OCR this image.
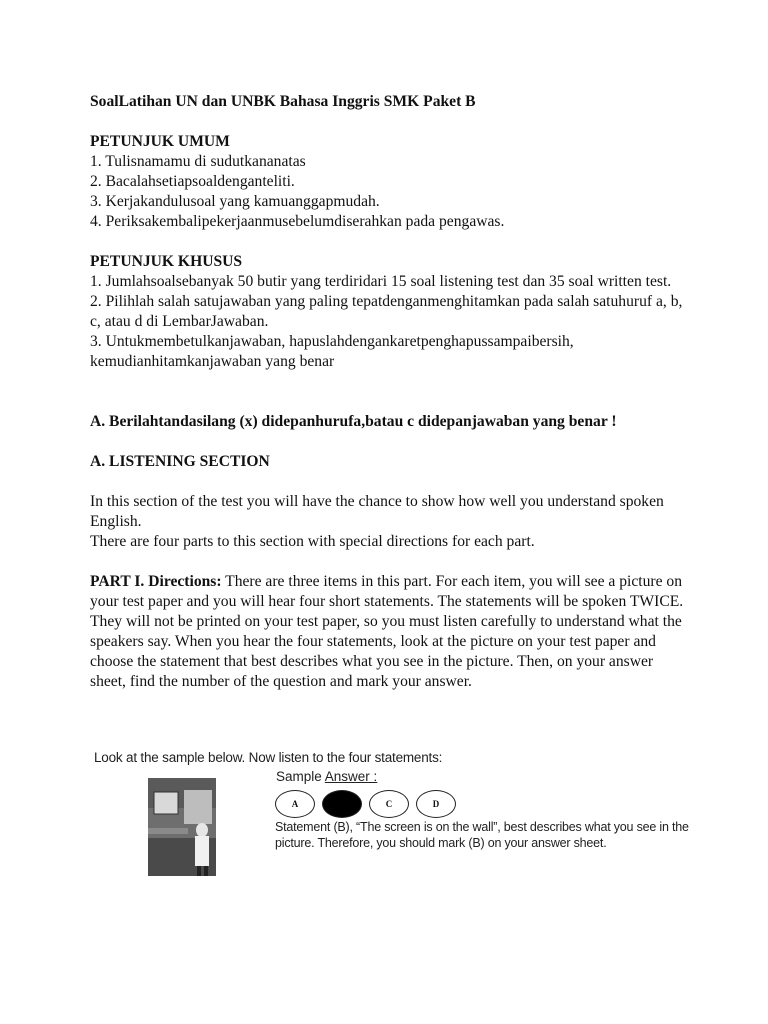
SoalLatihan UN dan UNBK Bahasa Inggris SMK Paket B

PETUNJUK UMUM

1. Tulisnamamu di sudutkananatas

2. Bacalahsetiapsoaldenganteliti.

3. Kerjakandulusoal yang kamuanggapmudah.

4. Periksakembalipekerjaanmusebelumdiserahkan pada pengawas.

PETUNJUK KHUSUS

1. Jumlahsoalsebanyak 50 butir yang terdiridari 15 soal listening test dan 35 soal written test.

2. Pilihlah salah satujawaban yang paling tepatdenganmenghitamkan pada salah satuhuruf a, b, c, atau d di LembarJawaban.

3. Untukmembetulkanjawaban, hapuslahdengankaretpenghapussampaibersih, kemudianhitamkanjawaban yang benar

A. Berilahtandasilang (x) didepanhurufa,batau c didepanjawaban yang benar !

A. LISTENING SECTION

In this section of the test you will have the chance to show how well you understand spoken English.

There are four parts to this section with special directions for each part.

PART I. Directions: There are three items in this part. For each item, you will see a picture on your test paper and you will hear four short statements. The statements will be spoken TWICE. They will not be printed on your test paper, so you must listen carefully to understand what the speakers say. When you hear the four statements, look at the picture on your test paper and choose the statement that best describes what you see in the picture. Then, on your answer sheet, find the number of the question and mark your answer.

Look at the sample below. Now listen to the four statements:
Sample Answer :
A	C	D
Statement (B), “The screen is on the wall”, best describes what you see in the picture. Therefore, you should mark (B) on your answer sheet.
